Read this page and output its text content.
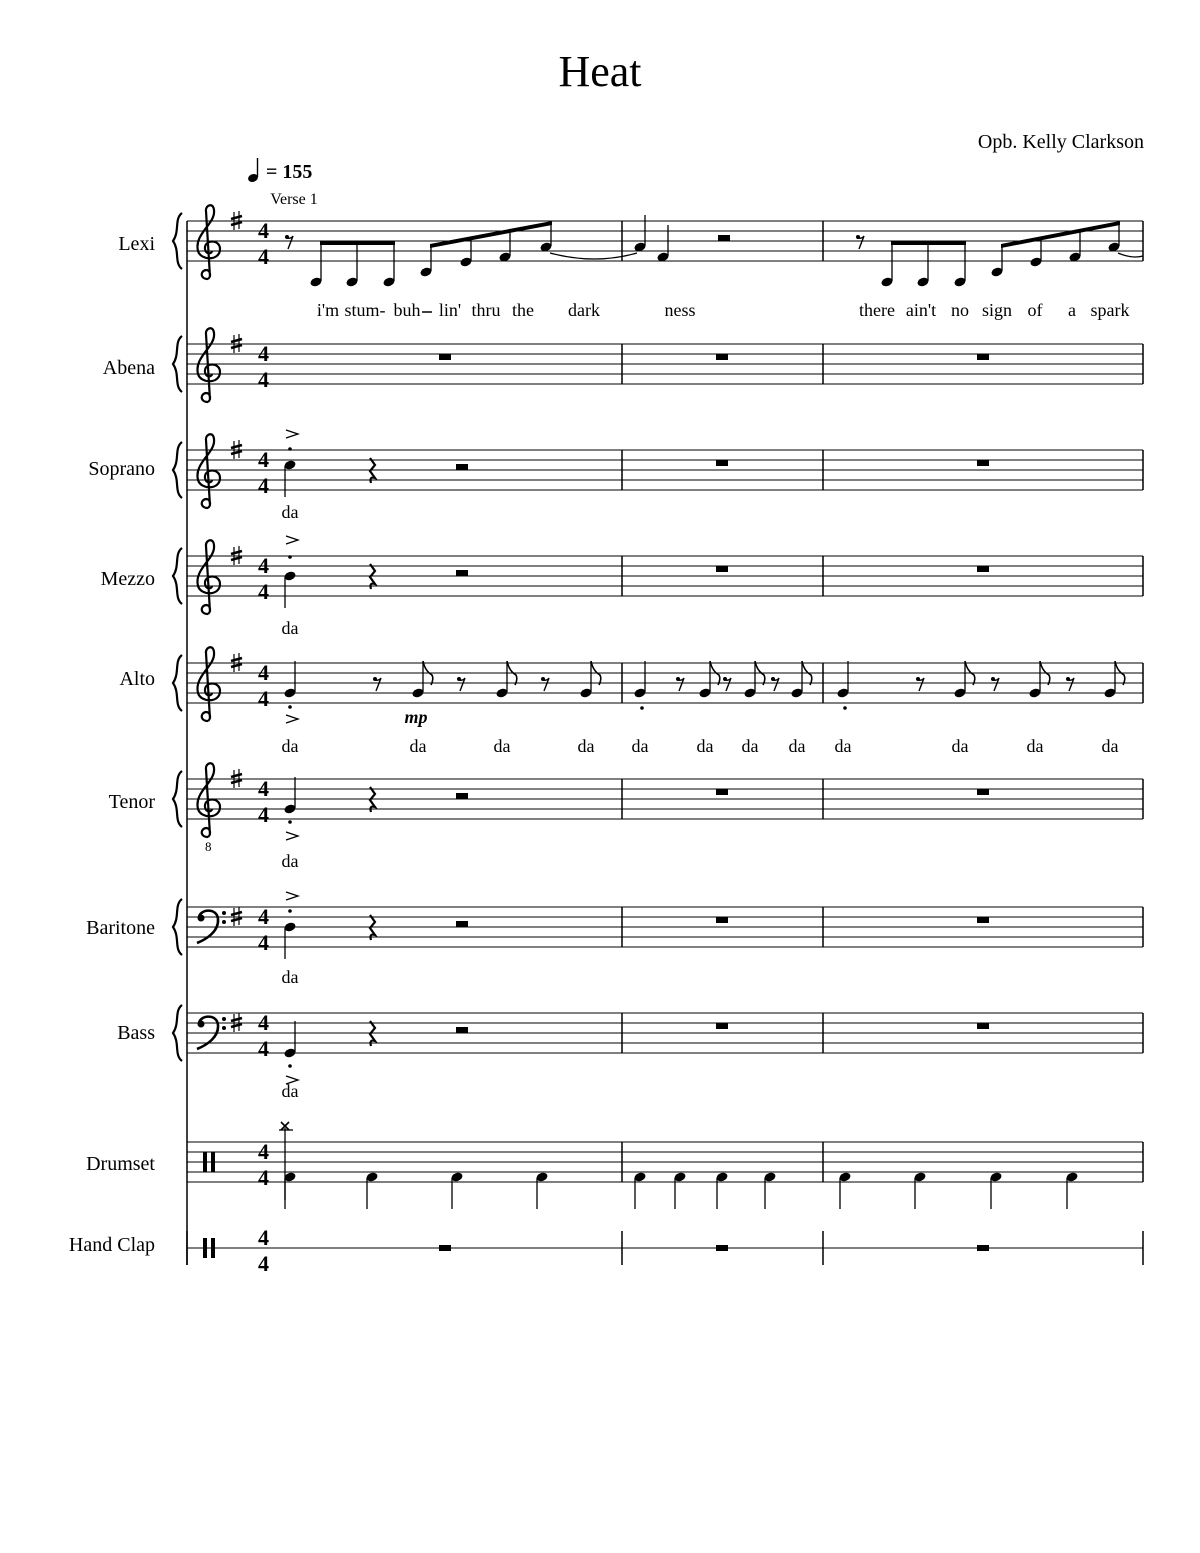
Heat
Opb. Kelly Clarkson
= 155
Verse 1
Lexi
4
4
i'm stum- buh lin' thru the dark	ness	there ain't no sign of a spark
Abena
4
4
Soprano	4
4
da
Mezzo
4
4
da
Alto	4
4
da	da	da	da da	da da da da	da	da	da
mp
Tenor
8
4
4
da
Baritone	4
4
da
Bass	4
4
da
Drumset	4
4
Hand Clap	4
4
